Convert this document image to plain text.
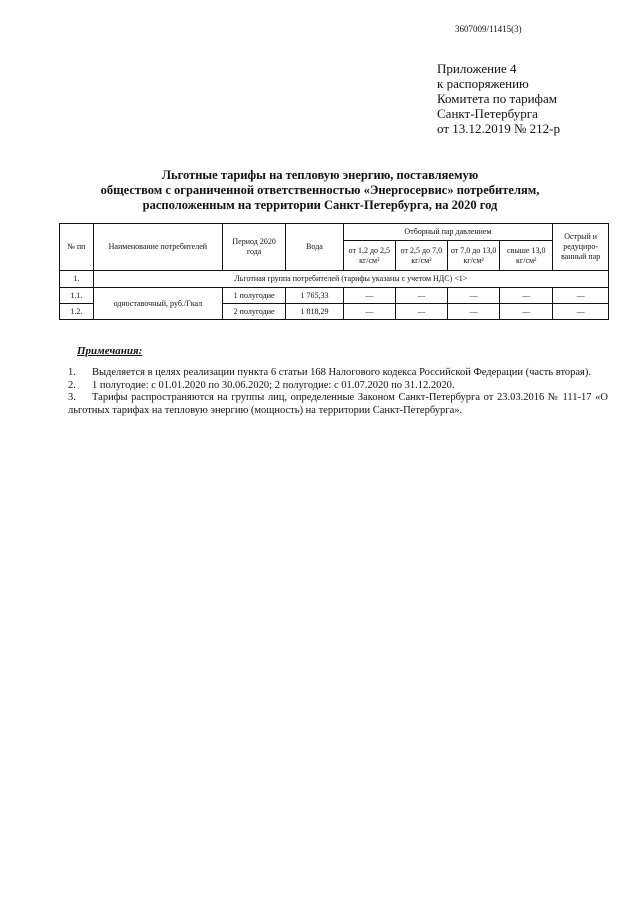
3607009/11415(3)
Приложение 4
к распоряжению
Комитета по тарифам
Санкт-Петербурга
от 13.12.2019 № 212-р
Льготные тарифы на тепловую энергию, поставляемую
обществом с ограниченной ответственностью «Энергосервис» потребителям,
расположенным на территории Санкт-Петербурга, на 2020 год
№ пп	Наименование потребителей	Период 2020 года	Вода	Отборный пар давлением				Острый и редуциро-ванный пар
				от 1,2 до 2,5 кг/см²	от 2,5 до 7,0 кг/см²	от 7,0 до 13,0 кг/см²	свыше 13,0 кг/см²	
1.	Льготная группа потребителей (тарифы указаны с учетом НДС) <1>							
1.1.	одноставочный, руб./Гкал	1 полугодие	1 765,33	—	—	—	—	—
1.2.		2 полугодие	1 818,29	—	—	—	—	—
Примечания:

1. Выделяется в целях реализации пункта 6 статьи 168 Налогового кодекса Российской Федерации (часть вторая).

2. 1 полугодие: с 01.01.2020 по 30.06.2020; 2 полугодие: с 01.07.2020 по 31.12.2020.

3. Тарифы распространяются на группы лиц, определенные Законом Санкт-Петербурга от 23.03.2016 № 111-17 «О льготных тарифах на тепловую энергию (мощность) на территории Санкт-Петербурга».
